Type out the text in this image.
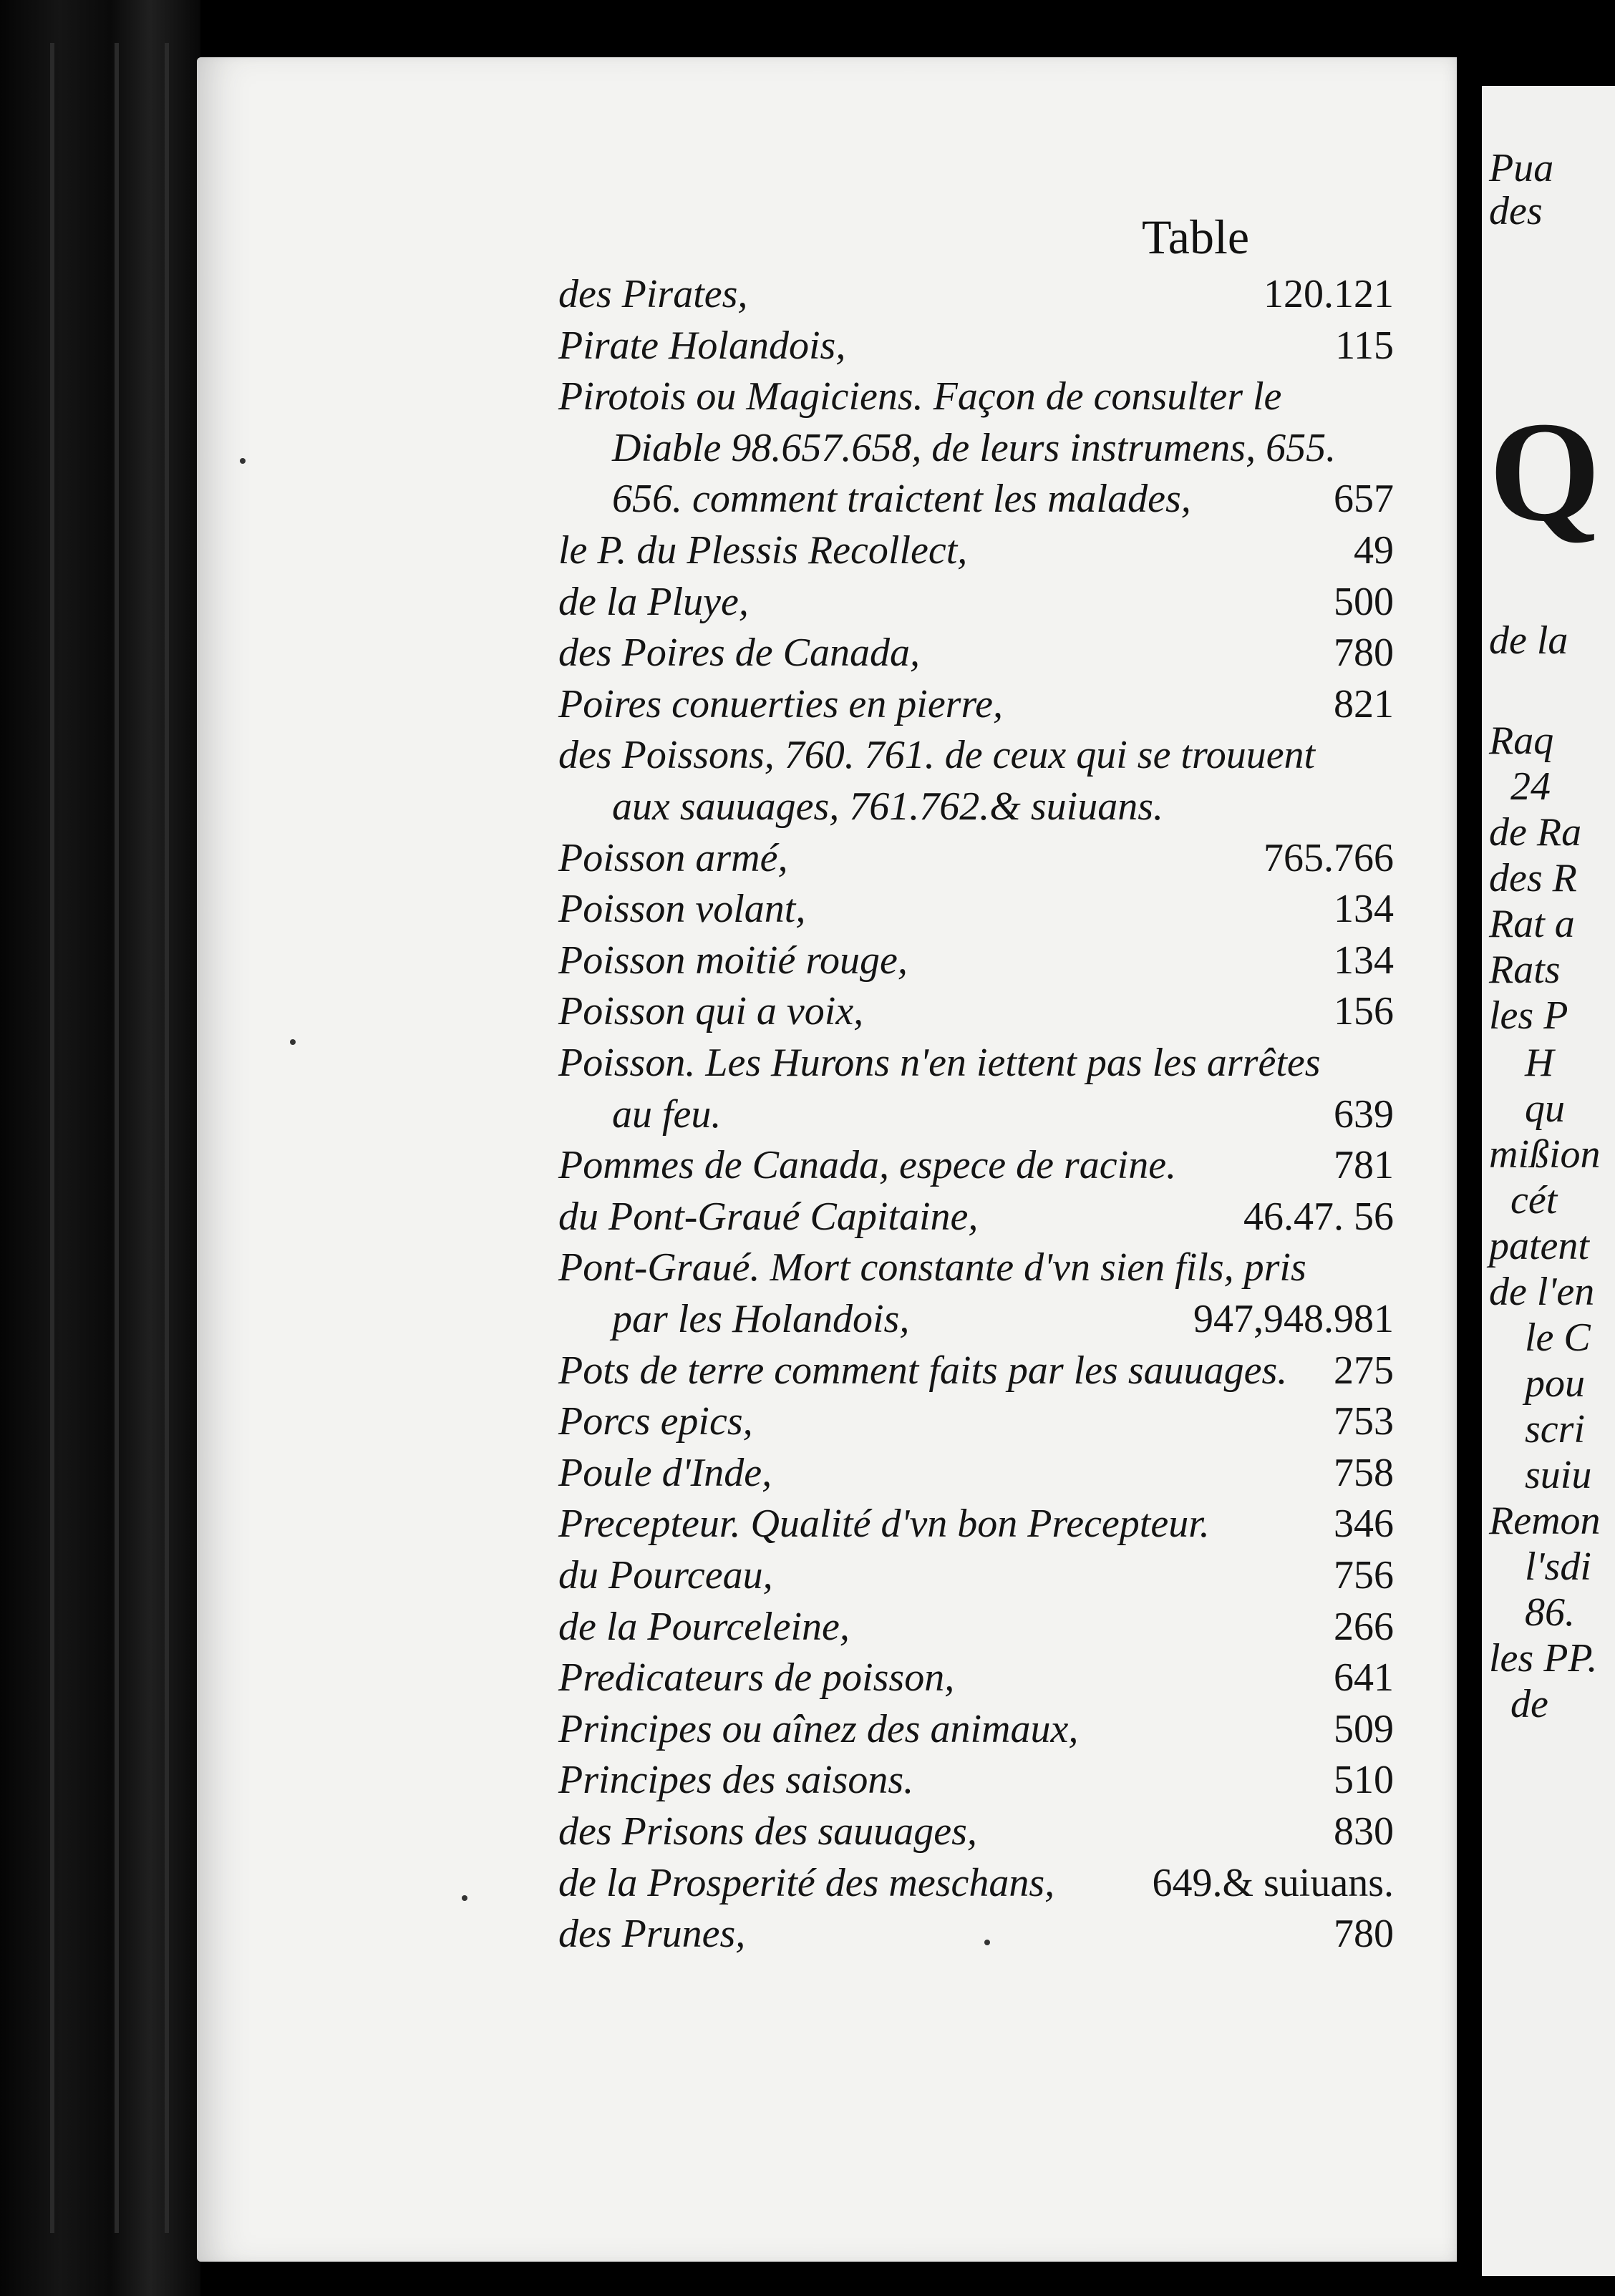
Table
des Pirates,	120.121
Pirate Holandois,	115
Pirotois ou Magiciens. Façon de consulter le
Diable 98.657.658, de leurs instrumens, 655.
656. comment traictent les malades,	657
le P. du Plessis Recollect,	49
de la Pluye,	500
des Poires de Canada,	780
Poires conuerties en pierre,	821
des Poissons, 760. 761. de ceux qui se trouuent
aux sauuages, 761.762.& suiuans.
Poisson armé,	765.766
Poisson volant,	134
Poisson moitié rouge,	134
Poisson qui a voix,	156
Poisson. Les Hurons n'en iettent pas les arrêtes
au feu.	639
Pommes de Canada, espece de racine.	781
du Pont-Graué Capitaine,	46.47. 56
Pont-Graué. Mort constante d'vn sien fils, pris
par les Holandois,	947,948.981
Pots de terre comment faits par les sauuages. 275
Porcs epics,	753
Poule d'Inde,	758
Precepteur. Qualité d'vn bon Precepteur.	346
du Pourceau,	756
de la Pourceleine,	266
Predicateurs de poisson,	641
Principes ou aînez des animaux,	509
Principes des saisons.	510
des Prisons des sauuages,	830
de la Prosperité des meschans, 649.& suiuans.
des Prunes,	780
Pua
des
Q
de la
Raq
24
de Ra
des R
Rat a
Rats
les P
H
qu
mißion
cét
patent
de l'en
le C
pou
scri
suiu
Remon
l'sdi
86.
les PP.
de
